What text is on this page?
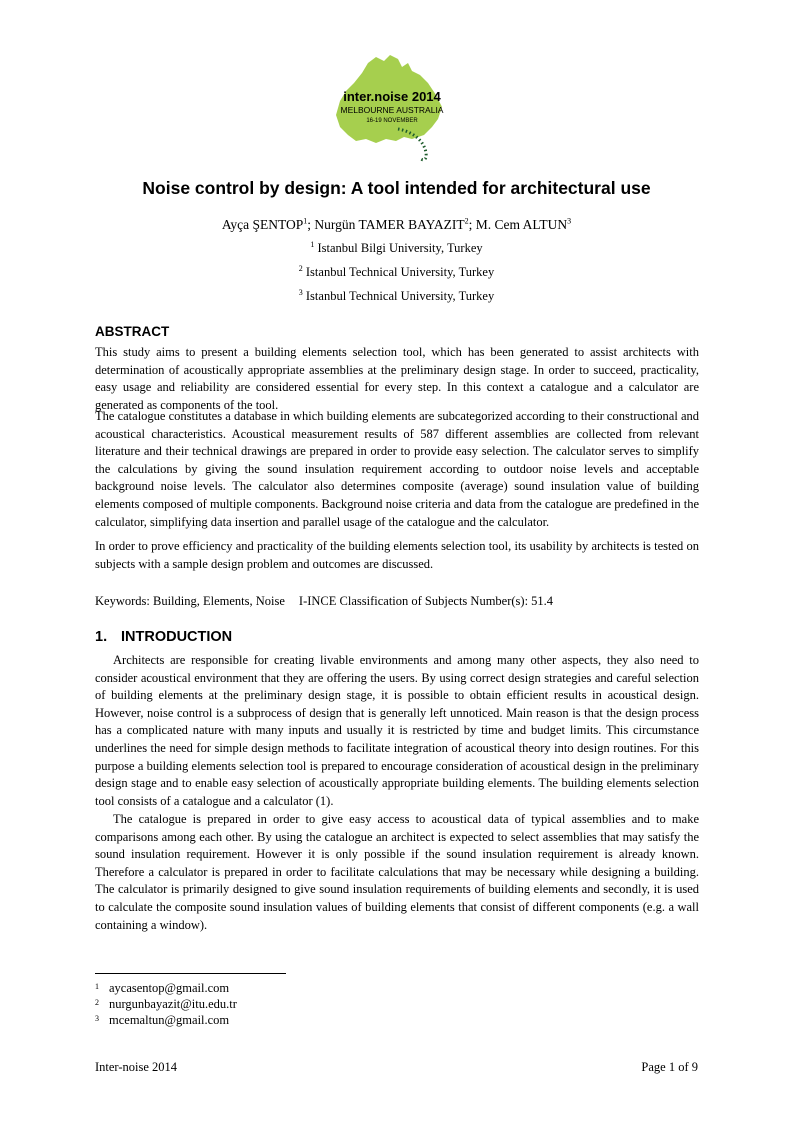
inter.noise 2014
MELBOURNE AUSTRALIA
16-19 NOVEMBER
Noise control by design: A tool intended for architectural use
Ayça ŞENTOP$^1$; Nurgün TAMER BAYAZIT$^2$; M. Cem ALTUN$^3$
$^1$ Istanbul Bilgi University, Turkey
$^2$ Istanbul Technical University, Turkey
$^3$ Istanbul Technical University, Turkey
ABSTRACT

This study aims to present a building elements selection tool, which has been generated to assist architects with determination of acoustically appropriate assemblies at the preliminary design stage. In order to succeed, practicality, easy usage and reliability are considered essential for every step. In this context a catalogue and a calculator are generated as components of the tool.

The catalogue constitutes a database in which building elements are subcategorized according to their constructional and acoustical characteristics. Acoustical measurement results of 587 different assemblies are collected from relevant literature and their technical drawings are prepared in order to provide easy selection. The calculator serves to simplify the calculations by giving the sound insulation requirement according to outdoor noise levels and acceptable background noise levels. The calculator also determines composite (average) sound insulation value of building elements composed of multiple components. Background noise criteria and data from the catalogue are predefined in the calculator, simplifying data insertion and parallel usage of the catalogue and the calculator.

In order to prove efficiency and practicality of the building elements selection tool, its usability by architects is tested on subjects with a sample design problem and outcomes are discussed.

Keywords: Building, Elements, Noise I-INCE Classification of Subjects Number(s): 51.4
1. INTRODUCTION

Architects are responsible for creating livable environments and among many other aspects, they also need to consider acoustical environment that they are offering the users. By using correct design strategies and careful selection of building elements at the preliminary design stage, it is possible to obtain efficient results in acoustical design. However, noise control is a subprocess of design that is generally left unnoticed. Main reason is that the design process has a complicated nature with many inputs and usually it is restricted by time and budget limits. This circumstance underlines the need for simple design methods to facilitate integration of acoustical theory into design routines. For this purpose a building elements selection tool is prepared to encourage consideration of acoustical design in the preliminary design stage and to enable easy selection of acoustically appropriate building elements. The building elements selection tool consists of a catalogue and a calculator (1).

The catalogue is prepared in order to give easy access to acoustical data of typical assemblies and to make comparisons among each other. By using the catalogue an architect is expected to select assemblies that may satisfy the sound insulation requirement. However it is only possible if the sound insulation requirement is already known. Therefore a calculator is prepared in order to facilitate calculations that may be necessary while designing a building. The calculator is primarily designed to give sound insulation requirements of building elements and secondly, it is used to calculate the composite sound insulation values of building elements that consist of different components (e.g. a wall containing a window).

1 aycasentop@gmail.com
2 nurgunbayazit@itu.edu.tr
3 mcemaltun@gmail.com
Inter-noise 2014	Page 1 of 9
